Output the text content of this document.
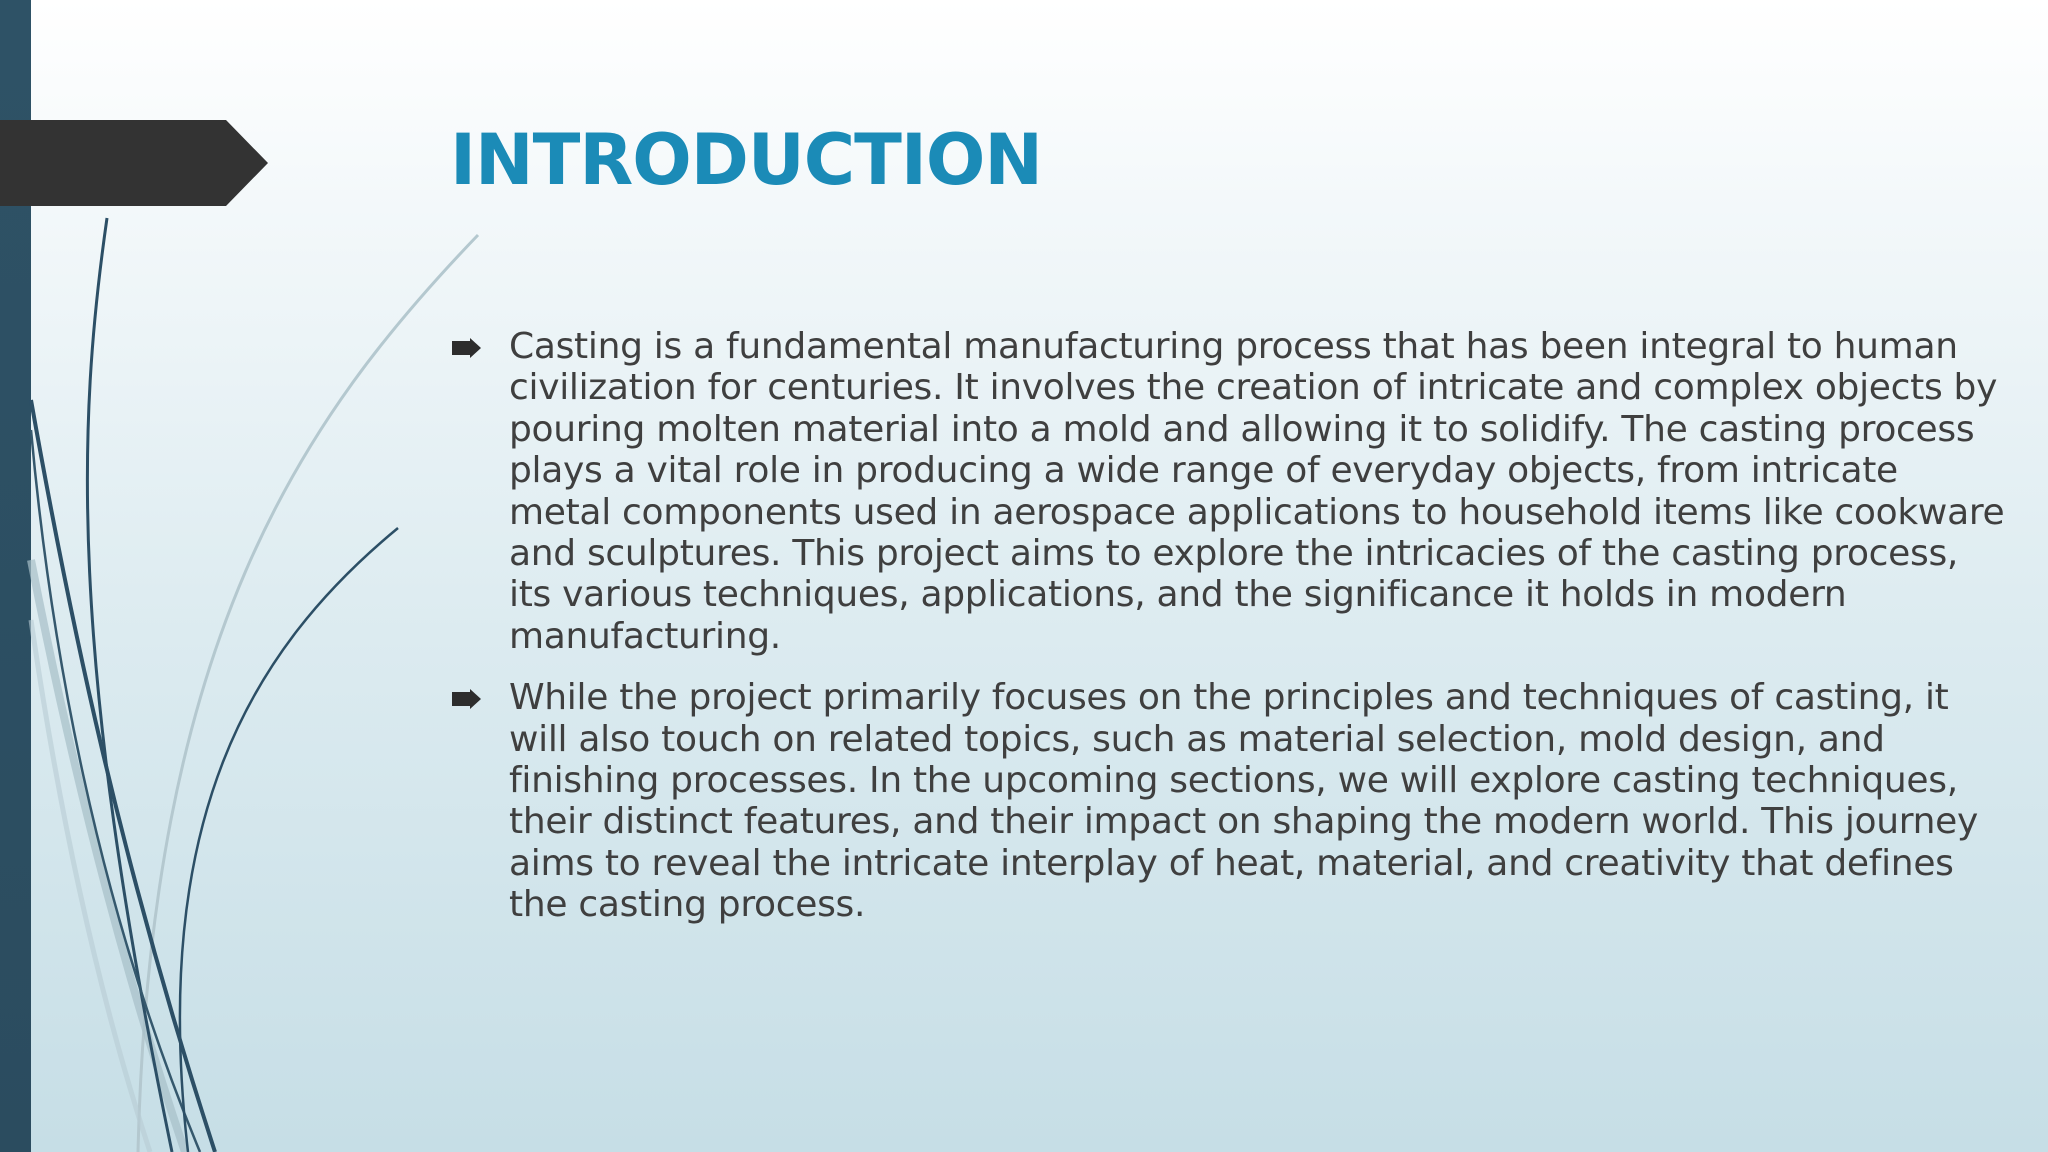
INTRODUCTION

Casting is a fundamental manufacturing process that has been integral to human civilization for centuries. It involves the creation of intricate and complex objects by pouring molten material into a mold and allowing it to solidify. The casting process plays a vital role in producing a wide range of everyday objects, from intricate metal components used in aerospace applications to household items like cookware and sculptures. This project aims to explore the intricacies of the casting process, its various techniques, applications, and the significance it holds in modern manufacturing.

While the project primarily focuses on the principles and techniques of casting, it will also touch on related topics, such as material selection, mold design, and finishing processes. In the upcoming sections, we will explore casting techniques, their distinct features, and their impact on shaping the modern world. This journey aims to reveal the intricate interplay of heat, material, and creativity that defines the casting process.
